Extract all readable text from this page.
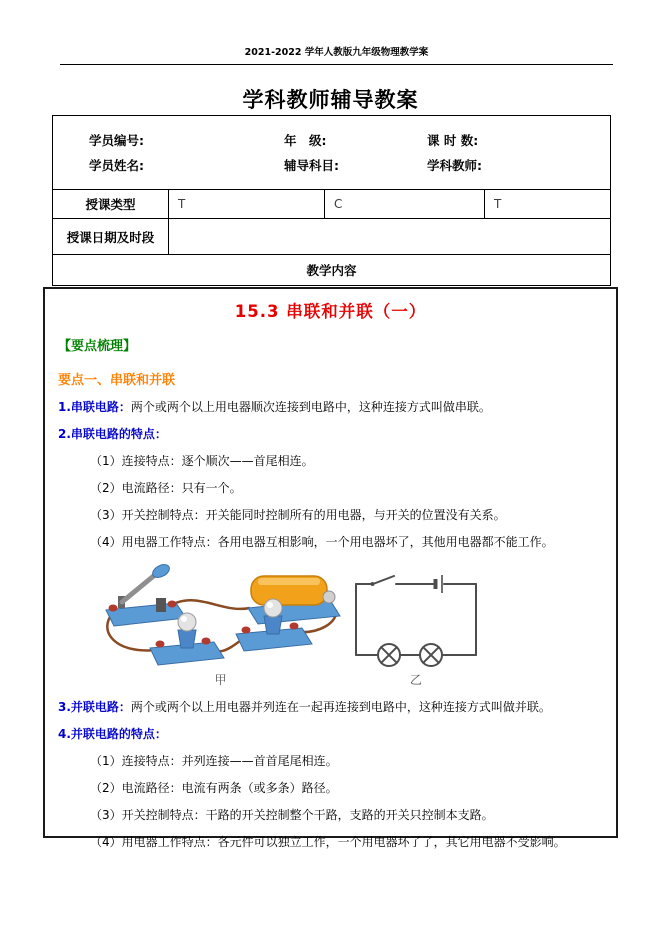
2021-2022 学年人教版九年级物理教学案
学科教师辅导教案
学员编号:	年　级:	课 时 数:
学员姓名:	辅导科目:	学科教师:
授课类型	T	C	T
授课日期及时段
教学内容
15.3 串联和并联（一）
【要点梳理】
要点一、串联和并联
1.串联电路：两个或两个以上用电器顺次连接到电路中，这种连接方式叫做串联。
2.串联电路的特点：
（1）连接特点：逐个顺次——首尾相连。
（2）电流路径：只有一个。
（3）开关控制特点：开关能同时控制所有的用电器，与开关的位置没有关系。
（4）用电器工作特点：各用电器互相影响，一个用电器坏了，其他用电器都不能工作。
甲	乙
3.并联电路：两个或两个以上用电器并列连在一起再连接到电路中，这种连接方式叫做并联。
4.并联电路的特点：
（1）连接特点：并列连接——首首尾尾相连。
（2）电流路径：电流有两条（或多条）路径。
（3）开关控制特点：干路的开关控制整个干路，支路的开关只控制本支路。
（4）用电器工作特点：各元件可以独立工作，一个用电器坏了了，其它用电器不受影响。
